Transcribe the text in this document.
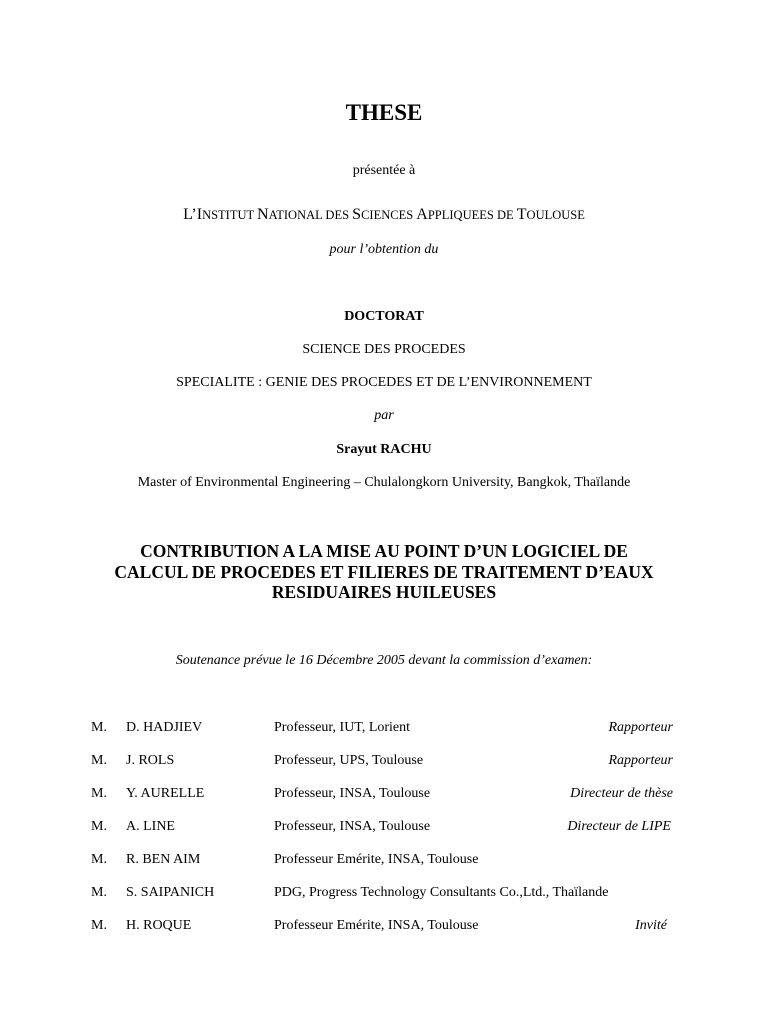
THESE
présentée à
L’INSTITUT NATIONAL DES SCIENCES APPLIQUEES DE TOULOUSE
pour l’obtention du
DOCTORAT
SCIENCE DES PROCEDES
SPECIALITE : GENIE DES PROCEDES ET DE L’ENVIRONNEMENT
par
Srayut RACHU
Master of Environmental Engineering – Chulalongkorn University, Bangkok, Thaïlande
CONTRIBUTION A LA MISE AU POINT D’UN LOGICIEL DE
CALCUL DE PROCEDES ET FILIERES DE TRAITEMENT D’EAUX
RESIDUAIRES HUILEUSES
Soutenance prévue le 16 Décembre 2005 devant la commission d’examen:
M. D. HADJIEV	Professeur, IUT, Lorient	Rapporteur
M. J. ROLS	Professeur, UPS, Toulouse	Rapporteur
M. Y. AURELLE	Professeur, INSA, Toulouse	Directeur de thèse
M. A. LINE	Professeur, INSA, Toulouse	Directeur de LIPE
M. R. BEN AIM	Professeur Emérite, INSA, Toulouse
M. S. SAIPANICH	PDG, Progress Technology Consultants Co.,Ltd., Thaïlande
M. H. ROQUE	Professeur Emérite, INSA, Toulouse	Invité
